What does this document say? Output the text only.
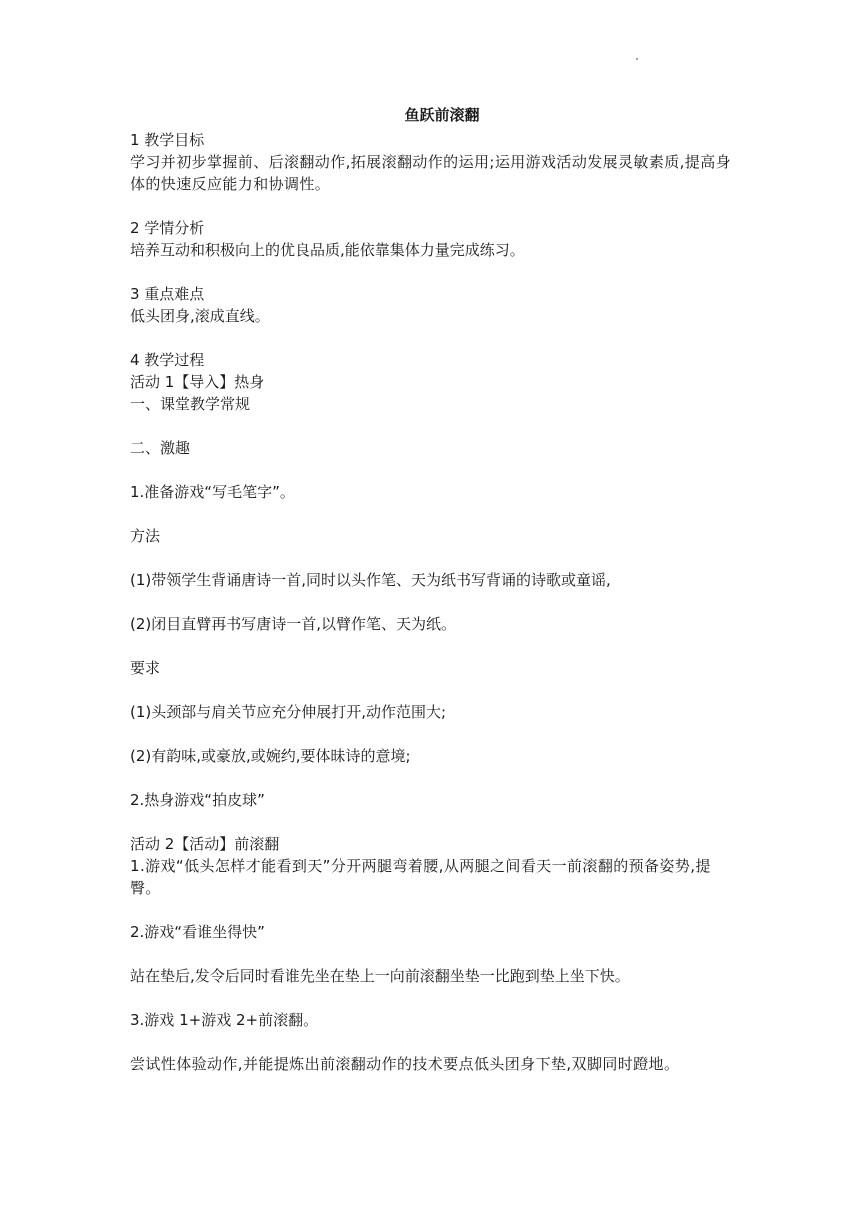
鱼跃前滚翻

1 教学目标

学习并初步掌握前、后滚翻动作,拓展滚翻动作的运用;运用游戏活动发展灵敏素质,提高身体的快速反应能力和协调性。

2 学情分析

培养互动和积极向上的优良品质,能依靠集体力量完成练习。

3 重点难点

低头团身,滚成直线。

4 教学过程

活动 1【导入】热身

一、课堂教学常规

二、激趣

1.准备游戏“写毛笔字”。

方法

(1)带领学生背诵唐诗一首,同时以头作笔、天为纸书写背诵的诗歌或童谣,

(2)闭目直臂再书写唐诗一首,以臂作笔、天为纸。

要求

(1)头颈部与肩关节应充分伸展打开,动作范围大;

(2)有韵味,或豪放,或婉约,要体昧诗的意境;

2.热身游戏“拍皮球”

活动 2【活动】前滚翻

1.游戏“低头怎样才能看到天”分开两腿弯着腰,从两腿之间看天一前滚翻的预备姿势,提臀。

2.游戏“看谁坐得快”

站在垫后,发令后同时看谁先坐在垫上一向前滚翻坐垫一比跑到垫上坐下快。

3.游戏 1+游戏 2+前滚翻。

尝试性体验动作,并能提炼出前滚翻动作的技术要点低头团身下垫,双脚同时蹬地。
